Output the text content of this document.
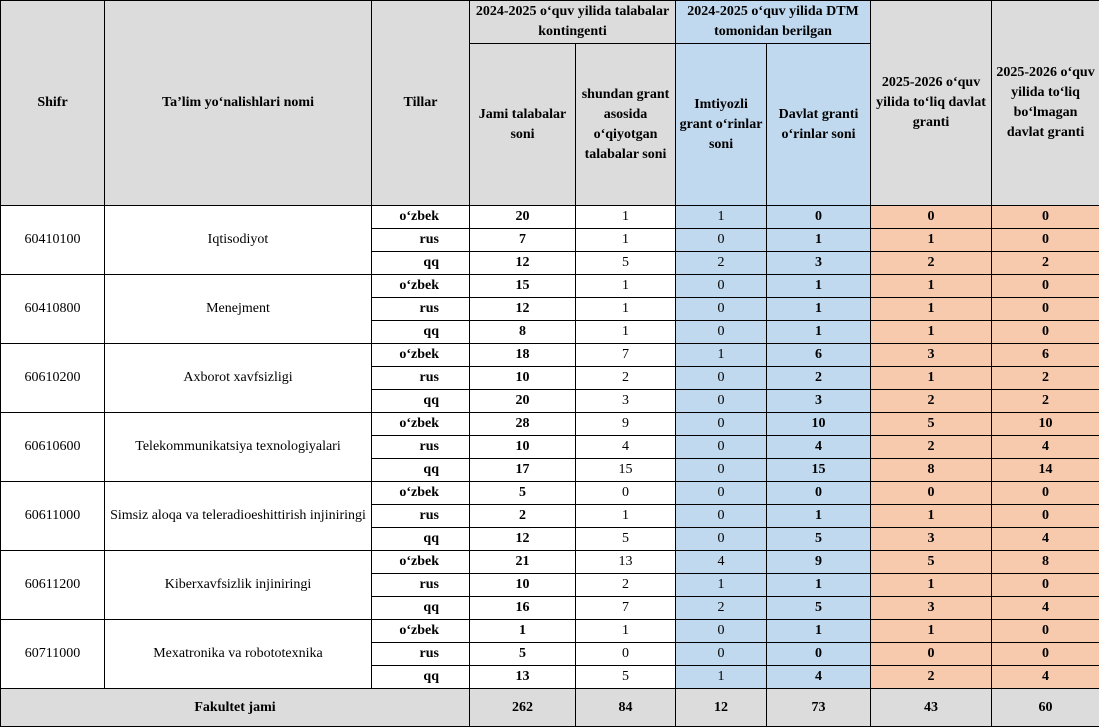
Shifr	Ta’lim yo‘nalishlari nomi	Tillar	2024-2025 o‘quv yilida talabalar kontingenti		2024-2025 o‘quv yilida DTM tomonidan berilgan		2025-2026 o‘quv yilida to‘liq davlat granti	2025-2026 o‘quv yilida to‘liq bo‘lmagan davlat granti
			Jami talabalar soni	shundan grant asosida o‘qiyotgan talabalar soni	Imtiyozli grant o‘rinlar soni	Davlat granti o‘rinlar soni		
60410100	Iqtisodiyot	o‘zbek	20	1	1	0	0	0
		rus	7	1	0	1	1	0
		qq	12	5	2	3	2	2
60410800	Menejment	o‘zbek	15	1	0	1	1	0
		rus	12	1	0	1	1	0
		qq	8	1	0	1	1	0
60610200	Axborot xavfsizligi	o‘zbek	18	7	1	6	3	6
		rus	10	2	0	2	1	2
		qq	20	3	0	3	2	2
60610600	Telekommunikatsiya texnologiyalari	o‘zbek	28	9	0	10	5	10
		rus	10	4	0	4	2	4
		qq	17	15	0	15	8	14
60611000	Simsiz aloqa va teleradioeshittirish injiniringi	o‘zbek	5	0	0	0	0	0
		rus	2	1	0	1	1	0
		qq	12	5	0	5	3	4
60611200	Kiberxavfsizlik injiniringi	o‘zbek	21	13	4	9	5	8
		rus	10	2	1	1	1	0
		qq	16	7	2	5	3	4
60711000	Mexatronika va robototexnika	o‘zbek	1	1	0	1	1	0
		rus	5	0	0	0	0	0
		qq	13	5	1	4	2	4
Fakultet jami			262	84	12	73	43	60
